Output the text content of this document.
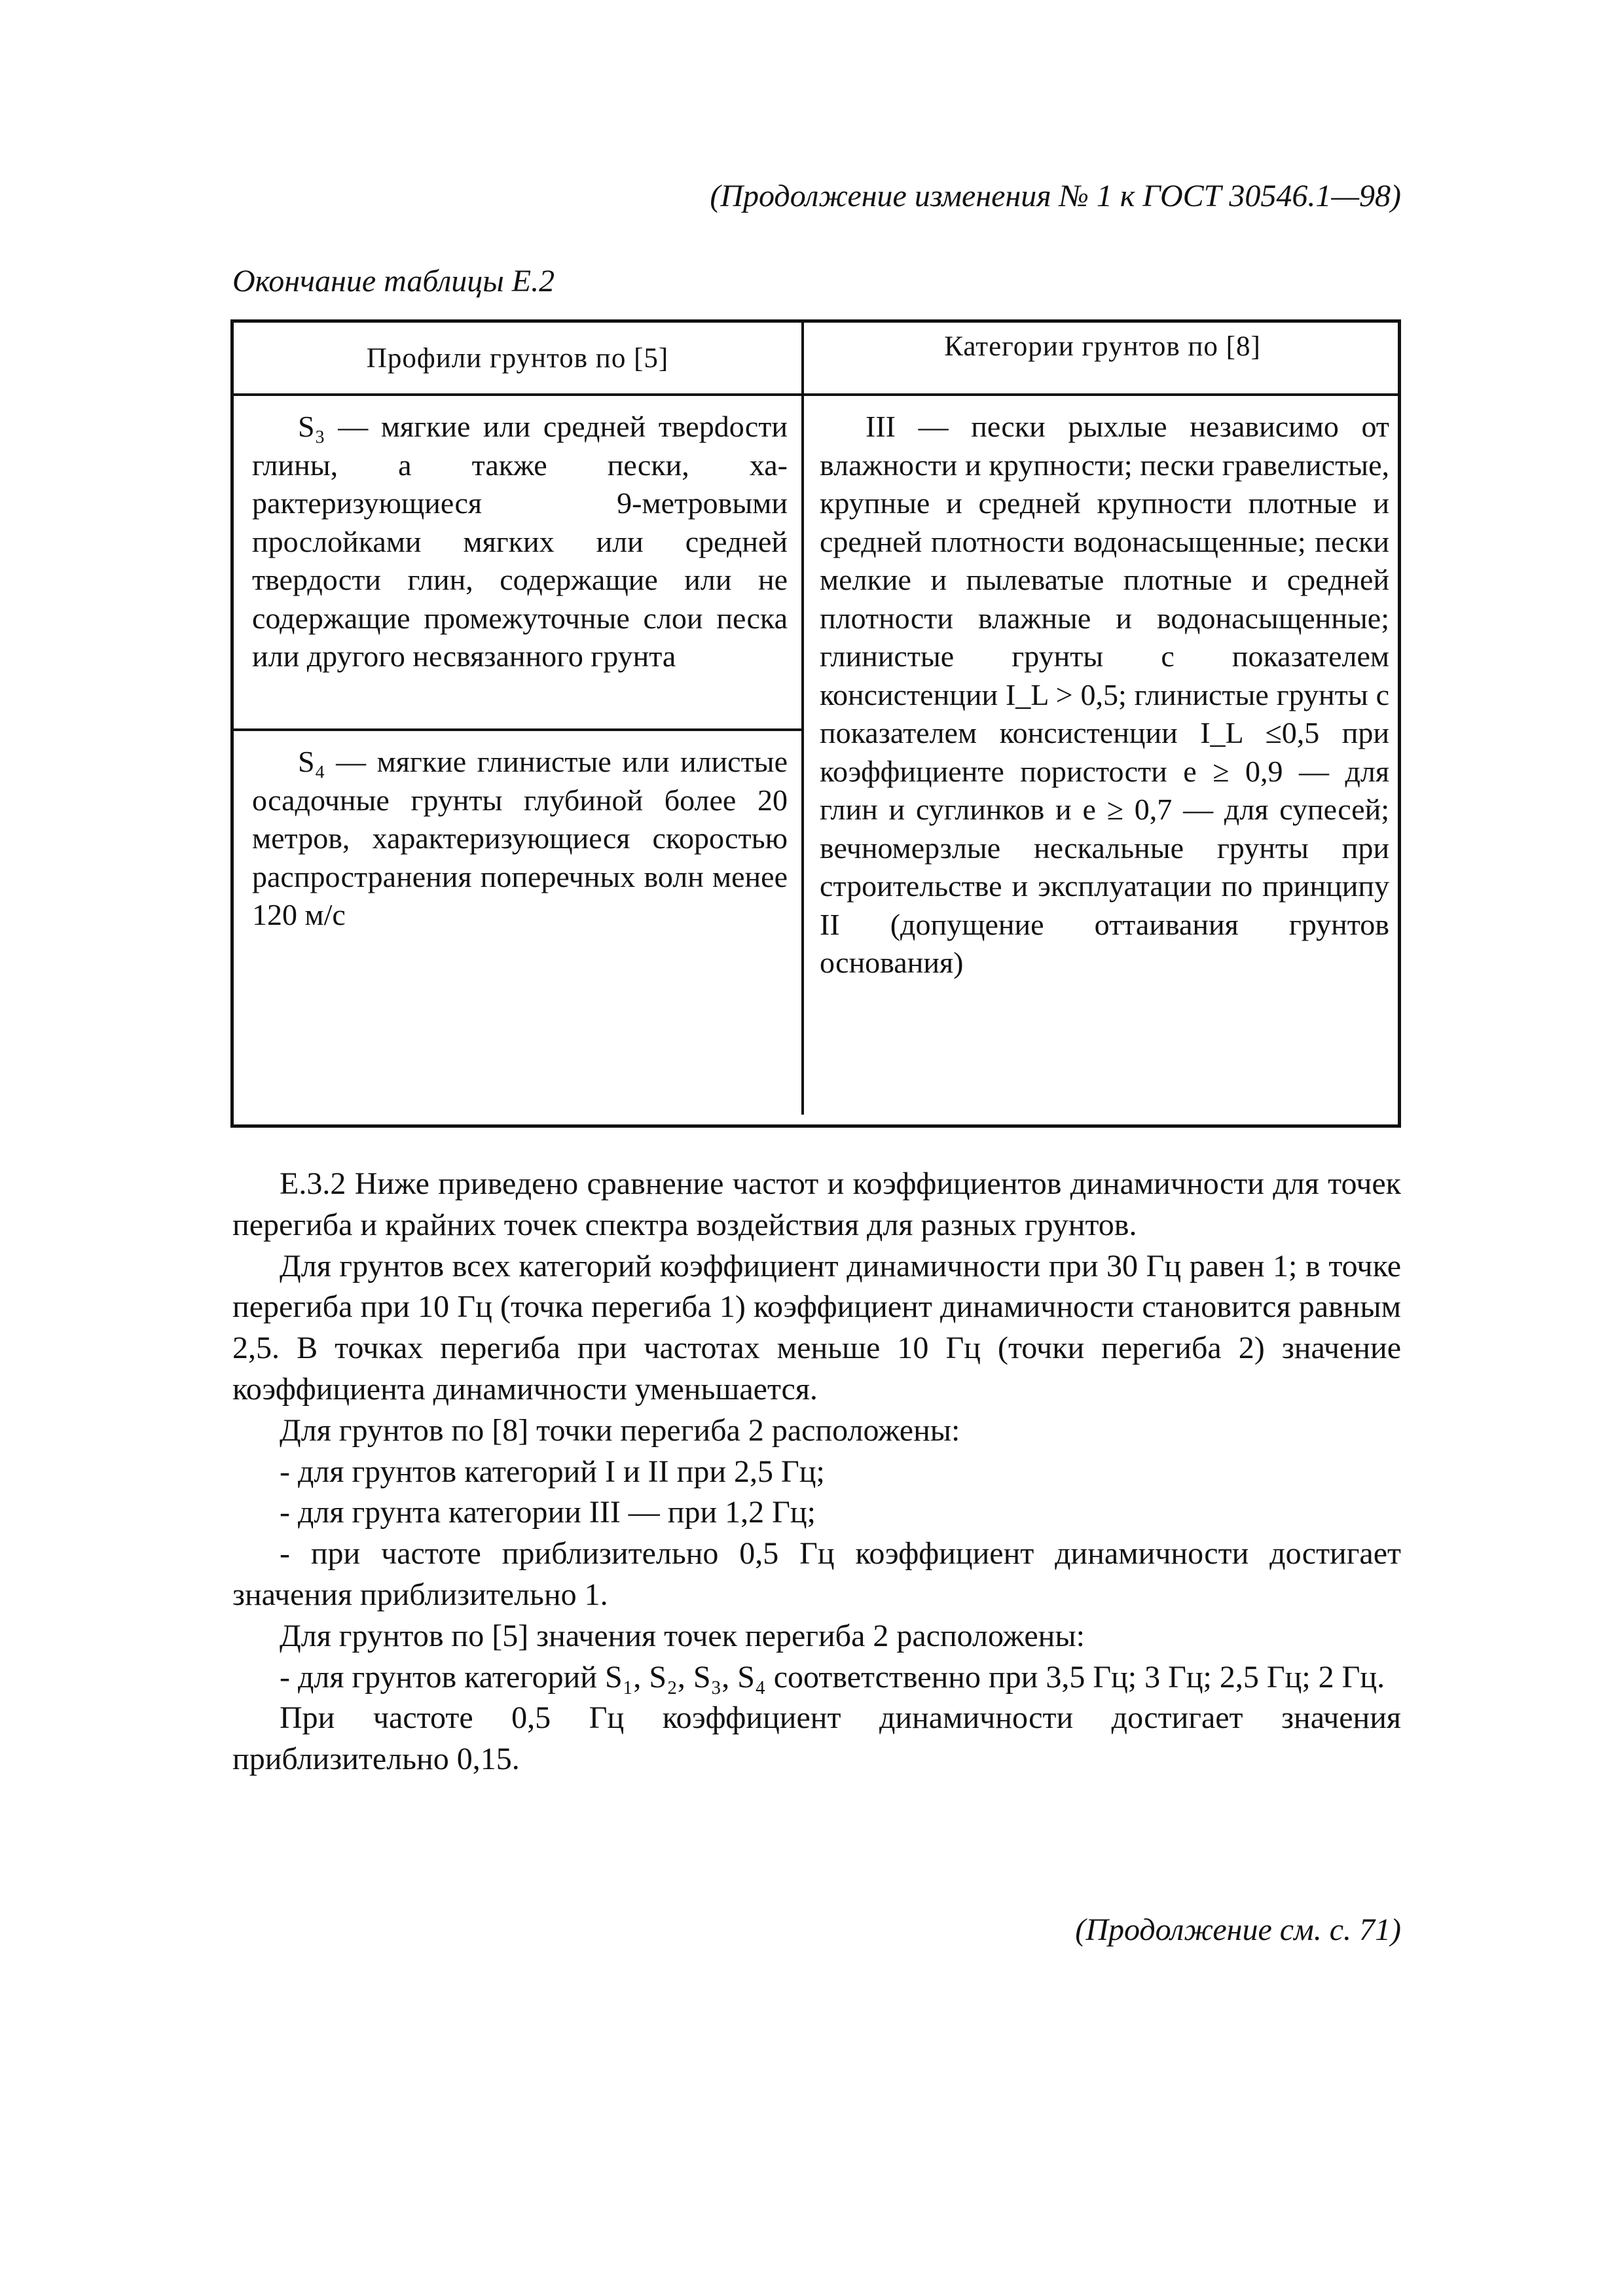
(Продолжение изменения № 1 к ГОСТ 30546.1—98)
Окончание таблицы Е.2
Профили грунтов по [5]	Категории грунтов по [8]

S₃ — мягкие или средней тверdости глины, а также пески, характеризующиеся 9-метровыми прослойками мягких или средней твердости глин, содержащие или не содержащие промежуточные слои песка или другого несвязанного грунта

S₄ — мягкие глинистые или илистые осадочные грунты глубиной более 20 метров, характеризующиеся скоростью распространения поперечных волн менее 120 м/с

III — пески рыхлые независимо от влажности и крупности; пески гравелистые, крупные и средней крупности плотные и средней плотности водонасыщенные; пески мелкие и пылеватые плотные и средней плотности влажные и водонасыщенные; глинистые грунты с показателем консистенции I_L > 0,5; глинистые грунты с показателем консистенции I_L ≤0,5 при коэффициенте пористости e ≥ 0,9 — для глин и суглинков и e ≥ 0,7 — для супесей; вечномерзлые нескальные грунты при строительстве и эксплуатации по принципу II (допущение оттаивания грунтов основания)

Е.3.2 Ниже приведено сравнение частот и коэффициентов динамичности для точек перегиба и крайних точек спектра воздействия для разных грунтов.

Для грунтов всех категорий коэффициент динамичности при 30 Гц равен 1; в точке перегиба при 10 Гц (точка перегиба 1) коэффициент динамичности становится равным 2,5. В точках перегиба при частотах меньше 10 Гц (точки перегиба 2) значение коэффициента динамичности уменьшается.

Для грунтов по [8] точки перегиба 2 расположены:

- для грунтов категорий I и II при 2,5 Гц;

- для грунта категории III — при 1,2 Гц;

- при частоте приблизительно 0,5 Гц коэффициент динамичности достигает значения приблизительно 1.

Для грунтов по [5] значения точек перегиба 2 расположены:

- для грунтов категорий S₁, S₂, S₃, S₄ соответственно при 3,5 Гц; 3 Гц; 2,5 Гц; 2 Гц.

При частоте 0,5 Гц коэффициент динамичности достигает значения приблизительно 0,15.

(Продолжение см. с. 71)
